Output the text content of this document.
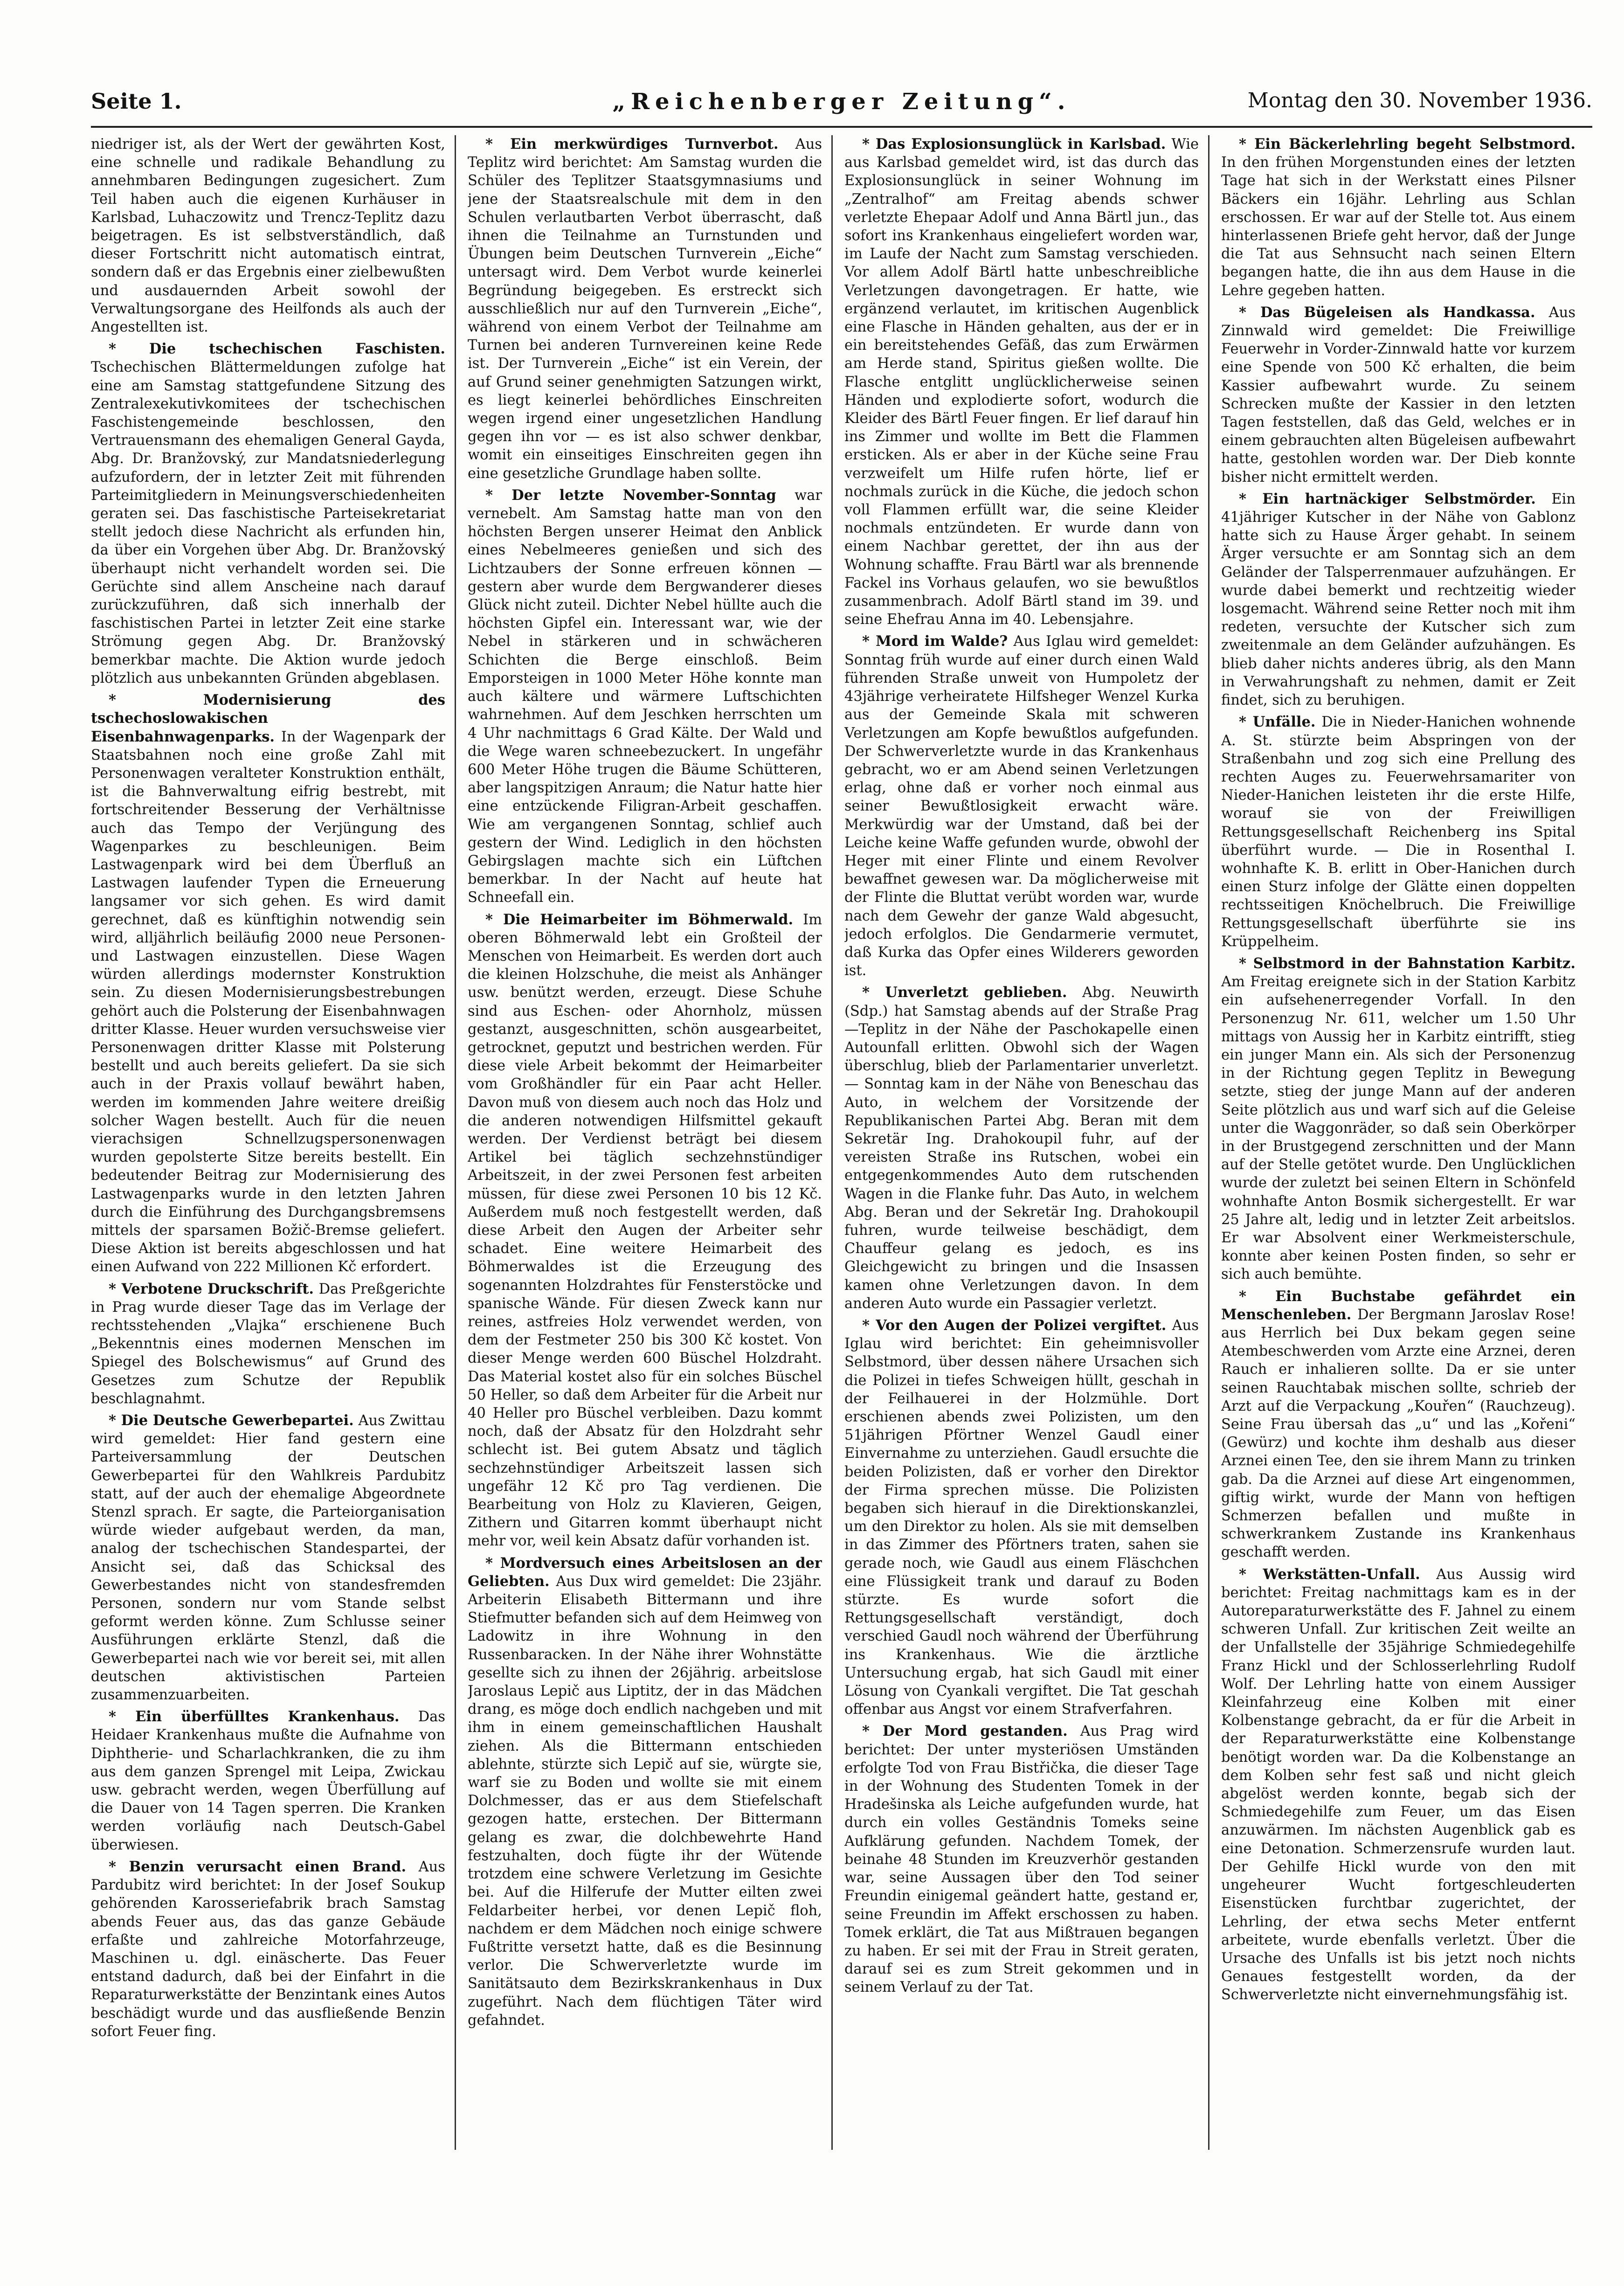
Seite 1.	„Reichenberger Zeitung“.	Montag den 30. November 1936.

niedriger ist, als der Wert der gewährten Kost, eine schnelle und radikale Behandlung zu annehmbaren Bedingungen zugesichert. Zum Teil haben auch die eigenen Kurhäuser in Karlsbad, Luhaczowitz und Trencz-Teplitz dazu beigetragen. Es ist selbstverständlich, daß dieser Fortschritt nicht automatisch eintrat, sondern daß er das Ergebnis einer zielbewußten und ausdauernden Arbeit sowohl der Verwaltungsorgane des Heilfonds als auch der Angestellten ist.

* Die tschechischen Faschisten. Tschechischen Blättermeldungen zufolge hat eine am Samstag stattgefundene Sitzung des Zentralexekutivkomitees der tschechischen Faschistengemeinde beschlossen, den Vertrauensmann des ehemaligen General Gayda, Abg. Dr. Branžovský, zur Mandatsniederlegung aufzufordern, der in letzter Zeit mit führenden Parteimitgliedern in Meinungsverschiedenheiten geraten sei. Das faschistische Parteisekretariat stellt jedoch diese Nachricht als erfunden hin, da über ein Vorgehen über Abg. Dr. Branžovský überhaupt nicht verhandelt worden sei. Die Gerüchte sind allem Anscheine nach darauf zurückzuführen, daß sich innerhalb der faschistischen Partei in letzter Zeit eine starke Strömung gegen Abg. Dr. Branžovský bemerkbar machte. Die Aktion wurde jedoch plötzlich aus unbekannten Gründen abgeblasen.

* Modernisierung des tschechoslowakischen Eisenbahnwagenparks. In der Wagenpark der Staatsbahnen noch eine große Zahl mit Personenwagen veralteter Konstruktion enthält, ist die Bahnverwaltung eifrig bestrebt, mit fortschreitender Besserung der Verhältnisse auch das Tempo der Verjüngung des Wagenparkes zu beschleunigen. Beim Lastwagenpark wird bei dem Überfluß an Lastwagen laufender Typen die Erneuerung langsamer vor sich gehen. Es wird damit gerechnet, daß es künftighin notwendig sein wird, alljährlich beiläufig 2000 neue Personen- und Lastwagen einzustellen. Diese Wagen würden allerdings modernster Konstruktion sein. Zu diesen Modernisierungsbestrebungen gehört auch die Polsterung der Eisenbahnwagen dritter Klasse. Heuer wurden versuchsweise vier Personenwagen dritter Klasse mit Polsterung bestellt und auch bereits geliefert. Da sie sich auch in der Praxis vollauf bewährt haben, werden im kommenden Jahre weitere dreißig solcher Wagen bestellt. Auch für die neuen vierachsigen Schnellzugspersonenwagen wurden gepolsterte Sitze bereits bestellt. Ein bedeutender Beitrag zur Modernisierung des Lastwagenparks wurde in den letzten Jahren durch die Einführung des Durchgangsbremsens mittels der sparsamen Božič-Bremse geliefert. Diese Aktion ist bereits abgeschlossen und hat einen Aufwand von 222 Millionen Kč erfordert.

* Verbotene Druckschrift. Das Preßgerichte in Prag wurde dieser Tage das im Verlage der rechtsstehenden „Vlajka“ erschienene Buch „Bekenntnis eines modernen Menschen im Spiegel des Bolschewismus“ auf Grund des Gesetzes zum Schutze der Republik beschlagnahmt.

* Die Deutsche Gewerbepartei. Aus Zwittau wird gemeldet: Hier fand gestern eine Parteiversammlung der Deutschen Gewerbepartei für den Wahlkreis Pardubitz statt, auf der auch der ehemalige Abgeordnete Stenzl sprach. Er sagte, die Parteiorganisation würde wieder aufgebaut werden, da man, analog der tschechischen Standespartei, der Ansicht sei, daß das Schicksal des Gewerbestandes nicht von standesfremden Personen, sondern nur vom Stande selbst geformt werden könne. Zum Schlusse seiner Ausführungen erklärte Stenzl, daß die Gewerbepartei nach wie vor bereit sei, mit allen deutschen aktivistischen Parteien zusammenzuarbeiten.

* Ein überfülltes Krankenhaus. Das Heidaer Krankenhaus mußte die Aufnahme von Diphtherie- und Scharlachkranken, die zu ihm aus dem ganzen Sprengel mit Leipa, Zwickau usw. gebracht werden, wegen Überfüllung auf die Dauer von 14 Tagen sperren. Die Kranken werden vorläufig nach Deutsch-Gabel überwiesen.

* Benzin verursacht einen Brand. Aus Pardubitz wird berichtet: In der Josef Soukup gehörenden Karosseriefabrik brach Samstag abends Feuer aus, das das ganze Gebäude erfaßte und zahlreiche Motorfahrzeuge, Maschinen u. dgl. einäscherte. Das Feuer entstand dadurch, daß bei der Einfahrt in die Reparaturwerkstätte der Benzintank eines Autos beschädigt wurde und das ausfließende Benzin sofort Feuer fing.

* Ein merkwürdiges Turnverbot. Aus Teplitz wird berichtet: Am Samstag wurden die Schüler des Teplitzer Staatsgymnasiums und jene der Staatsrealschule mit dem in den Schulen verlautbarten Verbot überrascht, daß ihnen die Teilnahme an Turnstunden und Übungen beim Deutschen Turnverein „Eiche“ untersagt wird. Dem Verbot wurde keinerlei Begründung beigegeben. Es erstreckt sich ausschließlich nur auf den Turnverein „Eiche“, während von einem Verbot der Teilnahme am Turnen bei anderen Turnvereinen keine Rede ist. Der Turnverein „Eiche“ ist ein Verein, der auf Grund seiner genehmigten Satzungen wirkt, es liegt keinerlei behördliches Einschreiten wegen irgend einer ungesetzlichen Handlung gegen ihn vor — es ist also schwer denkbar, womit ein einseitiges Einschreiten gegen ihn eine gesetzliche Grundlage haben sollte.

* Der letzte November-Sonntag war vernebelt. Am Samstag hatte man von den höchsten Bergen unserer Heimat den Anblick eines Nebelmeeres genießen und sich des Lichtzaubers der Sonne erfreuen können — gestern aber wurde dem Bergwanderer dieses Glück nicht zuteil. Dichter Nebel hüllte auch die höchsten Gipfel ein. Interessant war, wie der Nebel in stärkeren und in schwächeren Schichten die Berge einschloß. Beim Emporsteigen in 1000 Meter Höhe konnte man auch kältere und wärmere Luftschichten wahrnehmen. Auf dem Jeschken herrschten um 4 Uhr nachmittags 6 Grad Kälte. Der Wald und die Wege waren schneebezuckert. In ungefähr 600 Meter Höhe trugen die Bäume Schütteren, aber langspitzigen Anraum; die Natur hatte hier eine entzückende Filigran-Arbeit geschaffen. Wie am vergangenen Sonntag, schlief auch gestern der Wind. Lediglich in den höchsten Gebirgslagen machte sich ein Lüftchen bemerkbar. In der Nacht auf heute hat Schneefall ein.

* Die Heimarbeiter im Böhmerwald. Im oberen Böhmerwald lebt ein Großteil der Menschen von Heimarbeit. Es werden dort auch die kleinen Holzschuhe, die meist als Anhänger usw. benützt werden, erzeugt. Diese Schuhe sind aus Eschen- oder Ahornholz, müssen gestanzt, ausgeschnitten, schön ausgearbeitet, getrocknet, geputzt und bestrichen werden. Für diese viele Arbeit bekommt der Heimarbeiter vom Großhändler für ein Paar acht Heller. Davon muß von diesem auch noch das Holz und die anderen notwendigen Hilfsmittel gekauft werden. Der Verdienst beträgt bei diesem Artikel bei täglich sechzehnstündiger Arbeitszeit, in der zwei Personen fest arbeiten müssen, für diese zwei Personen 10 bis 12 Kč. Außerdem muß noch festgestellt werden, daß diese Arbeit den Augen der Arbeiter sehr schadet. Eine weitere Heimarbeit des Böhmerwaldes ist die Erzeugung des sogenannten Holzdrahtes für Fensterstöcke und spanische Wände. Für diesen Zweck kann nur reines, astfreies Holz verwendet werden, von dem der Festmeter 250 bis 300 Kč kostet. Von dieser Menge werden 600 Büschel Holzdraht. Das Material kostet also für ein solches Büschel 50 Heller, so daß dem Arbeiter für die Arbeit nur 40 Heller pro Büschel verbleiben. Dazu kommt noch, daß der Absatz für den Holzdraht sehr schlecht ist. Bei gutem Absatz und täglich sechzehnstündiger Arbeitszeit lassen sich ungefähr 12 Kč pro Tag verdienen. Die Bearbeitung von Holz zu Klavieren, Geigen, Zithern und Gitarren kommt überhaupt nicht mehr vor, weil kein Absatz dafür vorhanden ist.

* Mordversuch eines Arbeitslosen an der Geliebten. Aus Dux wird gemeldet: Die 23jähr. Arbeiterin Elisabeth Bittermann und ihre Stiefmutter befanden sich auf dem Heimweg von Ladowitz in ihre Wohnung in den Russenbaracken. In der Nähe ihrer Wohnstätte gesellte sich zu ihnen der 26jährig. arbeitslose Jaroslaus Lepič aus Liptitz, der in das Mädchen drang, es möge doch endlich nachgeben und mit ihm in einem gemeinschaftlichen Haushalt ziehen. Als die Bittermann entschieden ablehnte, stürzte sich Lepič auf sie, würgte sie, warf sie zu Boden und wollte sie mit einem Dolchmesser, das er aus dem Stiefelschaft gezogen hatte, erstechen. Der Bittermann gelang es zwar, die dolchbewehrte Hand festzuhalten, doch fügte ihr der Wütende trotzdem eine schwere Verletzung im Gesichte bei. Auf die Hilferufe der Mutter eilten zwei Feldarbeiter herbei, vor denen Lepič floh, nachdem er dem Mädchen noch einige schwere Fußtritte versetzt hatte, daß es die Besinnung verlor. Die Schwerverletzte wurde im Sanitätsauto dem Bezirkskrankenhaus in Dux zugeführt. Nach dem flüchtigen Täter wird gefahndet.

* Das Explosionsunglück in Karlsbad. Wie aus Karlsbad gemeldet wird, ist das durch das Explosionsunglück in seiner Wohnung im „Zentralhof“ am Freitag abends schwer verletzte Ehepaar Adolf und Anna Bärtl jun., das sofort ins Krankenhaus eingeliefert worden war, im Laufe der Nacht zum Samstag verschieden. Vor allem Adolf Bärtl hatte unbeschreibliche Verletzungen davongetragen. Er hatte, wie ergänzend verlautet, im kritischen Augenblick eine Flasche in Händen gehalten, aus der er in ein bereitstehendes Gefäß, das zum Erwärmen am Herde stand, Spiritus gießen wollte. Die Flasche entglitt unglücklicherweise seinen Händen und explodierte sofort, wodurch die Kleider des Bärtl Feuer fingen. Er lief darauf hin ins Zimmer und wollte im Bett die Flammen ersticken. Als er aber in der Küche seine Frau verzweifelt um Hilfe rufen hörte, lief er nochmals zurück in die Küche, die jedoch schon voll Flammen erfüllt war, die seine Kleider nochmals entzündeten. Er wurde dann von einem Nachbar gerettet, der ihn aus der Wohnung schaffte. Frau Bärtl war als brennende Fackel ins Vorhaus gelaufen, wo sie bewußtlos zusammenbrach. Adolf Bärtl stand im 39. und seine Ehefrau Anna im 40. Lebensjahre.

* Mord im Walde? Aus Iglau wird gemeldet: Sonntag früh wurde auf einer durch einen Wald führenden Straße unweit von Humpoletz der 43jährige verheiratete Hilfsheger Wenzel Kurka aus der Gemeinde Skala mit schweren Verletzungen am Kopfe bewußtlos aufgefunden. Der Schwerverletzte wurde in das Krankenhaus gebracht, wo er am Abend seinen Verletzungen erlag, ohne daß er vorher noch einmal aus seiner Bewußtlosigkeit erwacht wäre. Merkwürdig war der Umstand, daß bei der Leiche keine Waffe gefunden wurde, obwohl der Heger mit einer Flinte und einem Revolver bewaffnet gewesen war. Da möglicherweise mit der Flinte die Bluttat verübt worden war, wurde nach dem Gewehr der ganze Wald abgesucht, jedoch erfolglos. Die Gendarmerie vermutet, daß Kurka das Opfer eines Wilderers geworden ist.

* Unverletzt geblieben. Abg. Neuwirth (Sdp.) hat Samstag abends auf der Straße Prag—Teplitz in der Nähe der Paschokapelle einen Autounfall erlitten. Obwohl sich der Wagen überschlug, blieb der Parlamentarier unverletzt. — Sonntag kam in der Nähe von Beneschau das Auto, in welchem der Vorsitzende der Republikanischen Partei Abg. Beran mit dem Sekretär Ing. Drahokoupil fuhr, auf der vereisten Straße ins Rutschen, wobei ein entgegenkommendes Auto dem rutschenden Wagen in die Flanke fuhr. Das Auto, in welchem Abg. Beran und der Sekretär Ing. Drahokoupil fuhren, wurde teilweise beschädigt, dem Chauffeur gelang es jedoch, es ins Gleichgewicht zu bringen und die Insassen kamen ohne Verletzungen davon. In dem anderen Auto wurde ein Passagier verletzt.

* Vor den Augen der Polizei vergiftet. Aus Iglau wird berichtet: Ein geheimnisvoller Selbstmord, über dessen nähere Ursachen sich die Polizei in tiefes Schweigen hüllt, geschah in der Feilhauerei in der Holzmühle. Dort erschienen abends zwei Polizisten, um den 51jährigen Pförtner Wenzel Gaudl einer Einvernahme zu unterziehen. Gaudl ersuchte die beiden Polizisten, daß er vorher den Direktor der Firma sprechen müsse. Die Polizisten begaben sich hierauf in die Direktionskanzlei, um den Direktor zu holen. Als sie mit demselben in das Zimmer des Pförtners traten, sahen sie gerade noch, wie Gaudl aus einem Fläschchen eine Flüssigkeit trank und darauf zu Boden stürzte. Es wurde sofort die Rettungsgesellschaft verständigt, doch verschied Gaudl noch während der Überführung ins Krankenhaus. Wie die ärztliche Untersuchung ergab, hat sich Gaudl mit einer Lösung von Cyankali vergiftet. Die Tat geschah offenbar aus Angst vor einem Strafverfahren.

* Der Mord gestanden. Aus Prag wird berichtet: Der unter mysteriösen Umständen erfolgte Tod von Frau Bistřička, die dieser Tage in der Wohnung des Studenten Tomek in der Hradešinska als Leiche aufgefunden wurde, hat durch ein volles Geständnis Tomeks seine Aufklärung gefunden. Nachdem Tomek, der beinahe 48 Stunden im Kreuzverhör gestanden war, seine Aussagen über den Tod seiner Freundin einigemal geändert hatte, gestand er, seine Freundin im Affekt erschossen zu haben. Tomek erklärt, die Tat aus Mißtrauen begangen zu haben. Er sei mit der Frau in Streit geraten, darauf sei es zum Streit gekommen und in seinem Verlauf zu der Tat.

* Ein Bäckerlehrling begeht Selbstmord. In den frühen Morgenstunden eines der letzten Tage hat sich in der Werkstatt eines Pilsner Bäckers ein 16jähr. Lehrling aus Schlan erschossen. Er war auf der Stelle tot. Aus einem hinterlassenen Briefe geht hervor, daß der Junge die Tat aus Sehnsucht nach seinen Eltern begangen hatte, die ihn aus dem Hause in die Lehre gegeben hatten.

* Das Bügeleisen als Handkassa. Aus Zinnwald wird gemeldet: Die Freiwillige Feuerwehr in Vorder-Zinnwald hatte vor kurzem eine Spende von 500 Kč erhalten, die beim Kassier aufbewahrt wurde. Zu seinem Schrecken mußte der Kassier in den letzten Tagen feststellen, daß das Geld, welches er in einem gebrauchten alten Bügeleisen aufbewahrt hatte, gestohlen worden war. Der Dieb konnte bisher nicht ermittelt werden.

* Ein hartnäckiger Selbstmörder. Ein 41jähriger Kutscher in der Nähe von Gablonz hatte sich zu Hause Ärger gehabt. In seinem Ärger versuchte er am Sonntag sich an dem Geländer der Talsperrenmauer aufzuhängen. Er wurde dabei bemerkt und rechtzeitig wieder losgemacht. Während seine Retter noch mit ihm redeten, versuchte der Kutscher sich zum zweitenmale an dem Geländer aufzuhängen. Es blieb daher nichts anderes übrig, als den Mann in Verwahrungshaft zu nehmen, damit er Zeit findet, sich zu beruhigen.

* Unfälle. Die in Nieder-Hanichen wohnende A. St. stürzte beim Abspringen von der Straßenbahn und zog sich eine Prellung des rechten Auges zu. Feuerwehrsamariter von Nieder-Hanichen leisteten ihr die erste Hilfe, worauf sie von der Freiwilligen Rettungsgesellschaft Reichenberg ins Spital überführt wurde. — Die in Rosenthal I. wohnhafte K. B. erlitt in Ober-Hanichen durch einen Sturz infolge der Glätte einen doppelten rechtsseitigen Knöchelbruch. Die Freiwillige Rettungsgesellschaft überführte sie ins Krüppelheim.

* Selbstmord in der Bahnstation Karbitz. Am Freitag ereignete sich in der Station Karbitz ein aufsehenerregender Vorfall. In den Personenzug Nr. 611, welcher um 1.50 Uhr mittags von Aussig her in Karbitz eintrifft, stieg ein junger Mann ein. Als sich der Personenzug in der Richtung gegen Teplitz in Bewegung setzte, stieg der junge Mann auf der anderen Seite plötzlich aus und warf sich auf die Geleise unter die Waggonräder, so daß sein Oberkörper in der Brustgegend zerschnitten und der Mann auf der Stelle getötet wurde. Den Unglücklichen wurde der zuletzt bei seinen Eltern in Schönfeld wohnhafte Anton Bosmik sichergestellt. Er war 25 Jahre alt, ledig und in letzter Zeit arbeitslos. Er war Absolvent einer Werkmeisterschule, konnte aber keinen Posten finden, so sehr er sich auch bemühte.

* Ein Buchstabe gefährdet ein Menschenleben. Der Bergmann Jaroslav Rose! aus Herrlich bei Dux bekam gegen seine Atembeschwerden vom Arzte eine Arznei, deren Rauch er inhalieren sollte. Da er sie unter seinen Rauchtabak mischen sollte, schrieb der Arzt auf die Verpackung „Kouřen“ (Rauchzeug). Seine Frau übersah das „u“ und las „Kořeni“ (Gewürz) und kochte ihm deshalb aus dieser Arznei einen Tee, den sie ihrem Mann zu trinken gab. Da die Arznei auf diese Art eingenommen, giftig wirkt, wurde der Mann von heftigen Schmerzen befallen und mußte in schwerkrankem Zustande ins Krankenhaus geschafft werden.

* Werkstätten-Unfall. Aus Aussig wird berichtet: Freitag nachmittags kam es in der Autoreparaturwerkstätte des F. Jahnel zu einem schweren Unfall. Zur kritischen Zeit weilte an der Unfallstelle der 35jährige Schmiedegehilfe Franz Hickl und der Schlosserlehrling Rudolf Wolf. Der Lehrling hatte von einem Aussiger Kleinfahrzeug eine Kolben mit einer Kolbenstange gebracht, da er für die Arbeit in der Reparaturwerkstätte eine Kolbenstange benötigt worden war. Da die Kolbenstange an dem Kolben sehr fest saß und nicht gleich abgelöst werden konnte, begab sich der Schmiedegehilfe zum Feuer, um das Eisen anzuwärmen. Im nächsten Augenblick gab es eine Detonation. Schmerzensrufe wurden laut. Der Gehilfe Hickl wurde von den mit ungeheurer Wucht fortgeschleuderten Eisenstücken furchtbar zugerichtet, der Lehrling, der etwa sechs Meter entfernt arbeitete, wurde ebenfalls verletzt. Über die Ursache des Unfalls ist bis jetzt noch nichts Genaues festgestellt worden, da der Schwerverletzte nicht einvernehmungsfähig ist.
